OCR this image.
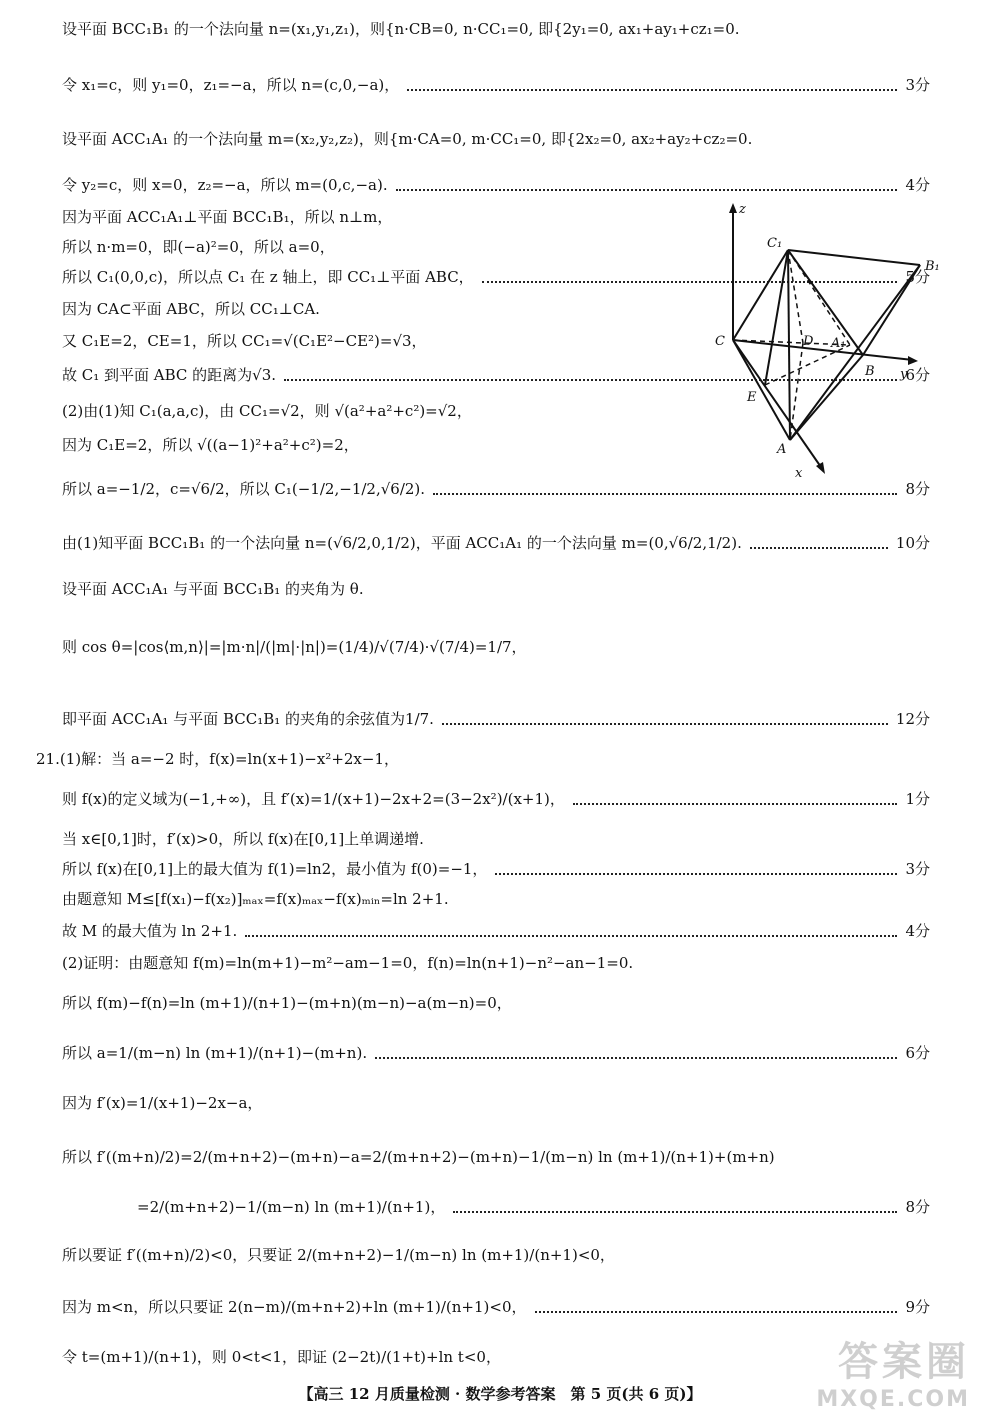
设平面 BCC₁B₁ 的一个法向量 n=(x₁,y₁,z₁)，则{n·CB=0, n·CC₁=0, 即{2y₁=0, ax₁+ay₁+cz₁=0.
令 x₁=c，则 y₁=0，z₁=−a，所以 n=(c,0,−a)，	3分
设平面 ACC₁A₁ 的一个法向量 m=(x₂,y₂,z₂)，则{m·CA=0, m·CC₁=0, 即{2x₂=0, ax₂+ay₂+cz₂=0.
令 y₂=c，则 x=0，z₂=−a，所以 m=(0,c,−a).	4分
因为平面 ACC₁A₁⊥平面 BCC₁B₁，所以 n⊥m，
所以 n·m=0，即(−a)²=0，所以 a=0，
所以 C₁(0,0,c)，所以点 C₁ 在 z 轴上，即 CC₁⊥平面 ABC，	5分
因为 CA⊂平面 ABC，所以 CC₁⊥CA.
又 C₁E=2，CE=1，所以 CC₁=√(C₁E²−CE²)=√3，
故 C₁ 到平面 ABC 的距离为√3.	6分
(2)由(1)知 C₁(a,a,c)，由 CC₁=√2，则 √(a²+a²+c²)=√2，
因为 C₁E=2，所以 √((a−1)²+a²+c²)=2，
所以 a=−1/2，c=√6/2，所以 C₁(−1/2,−1/2,√6/2).	8分
由(1)知平面 BCC₁B₁ 的一个法向量 n=(√6/2,0,1/2)，平面 ACC₁A₁ 的一个法向量 m=(0,√6/2,1/2).	10分
设平面 ACC₁A₁ 与平面 BCC₁B₁ 的夹角为 θ.
则 cos θ=|cos⟨m,n⟩|=|m·n|/(|m|·|n|)=(1/4)/√(7/4)·√(7/4)=1/7，
即平面 ACC₁A₁ 与平面 BCC₁B₁ 的夹角的余弦值为1/7.	12分
21.(1)解：当 a=−2 时，f(x)=ln(x+1)−x²+2x−1，
则 f(x)的定义域为(−1,+∞)，且 f′(x)=1/(x+1)−2x+2=(3−2x²)/(x+1)，	1分
当 x∈[0,1]时，f′(x)>0，所以 f(x)在[0,1]上单调递增.
所以 f(x)在[0,1]上的最大值为 f(1)=ln2，最小值为 f(0)=−1，	3分
由题意知 M≤[f(x₁)−f(x₂)]ₘₐₓ=f(x)ₘₐₓ−f(x)ₘᵢₙ=ln 2+1.
故 M 的最大值为 ln 2+1.	4分
(2)证明：由题意知 f(m)=ln(m+1)−m²−am−1=0，f(n)=ln(n+1)−n²−an−1=0.
所以 f(m)−f(n)=ln (m+1)/(n+1)−(m+n)(m−n)−a(m−n)=0，
所以 a=1/(m−n) ln (m+1)/(n+1)−(m+n).	6分
因为 f′(x)=1/(x+1)−2x−a，
所以 f′((m+n)/2)=2/(m+n+2)−(m+n)−a=2/(m+n+2)−(m+n)−1/(m−n) ln (m+1)/(n+1)+(m+n)
　　　　　=2/(m+n+2)−1/(m−n) ln (m+1)/(n+1)，	8分
所以要证 f′((m+n)/2)<0，只要证 2/(m+n+2)−1/(m−n) ln (m+1)/(n+1)<0，
因为 m<n，所以只要证 2(n−m)/(m+n+2)+ln (m+1)/(n+1)<0，	9分
令 t=(m+1)/(n+1)，则 0<t<1，即证 (2−2t)/(1+t)+ln t<0，
z
C₁
B₁
C	D A₁
B y
E
A
x
答案圈
MXQE.COM
【高三 12 月质量检测 · 数学参考答案　第 5 页(共 6 页)】
